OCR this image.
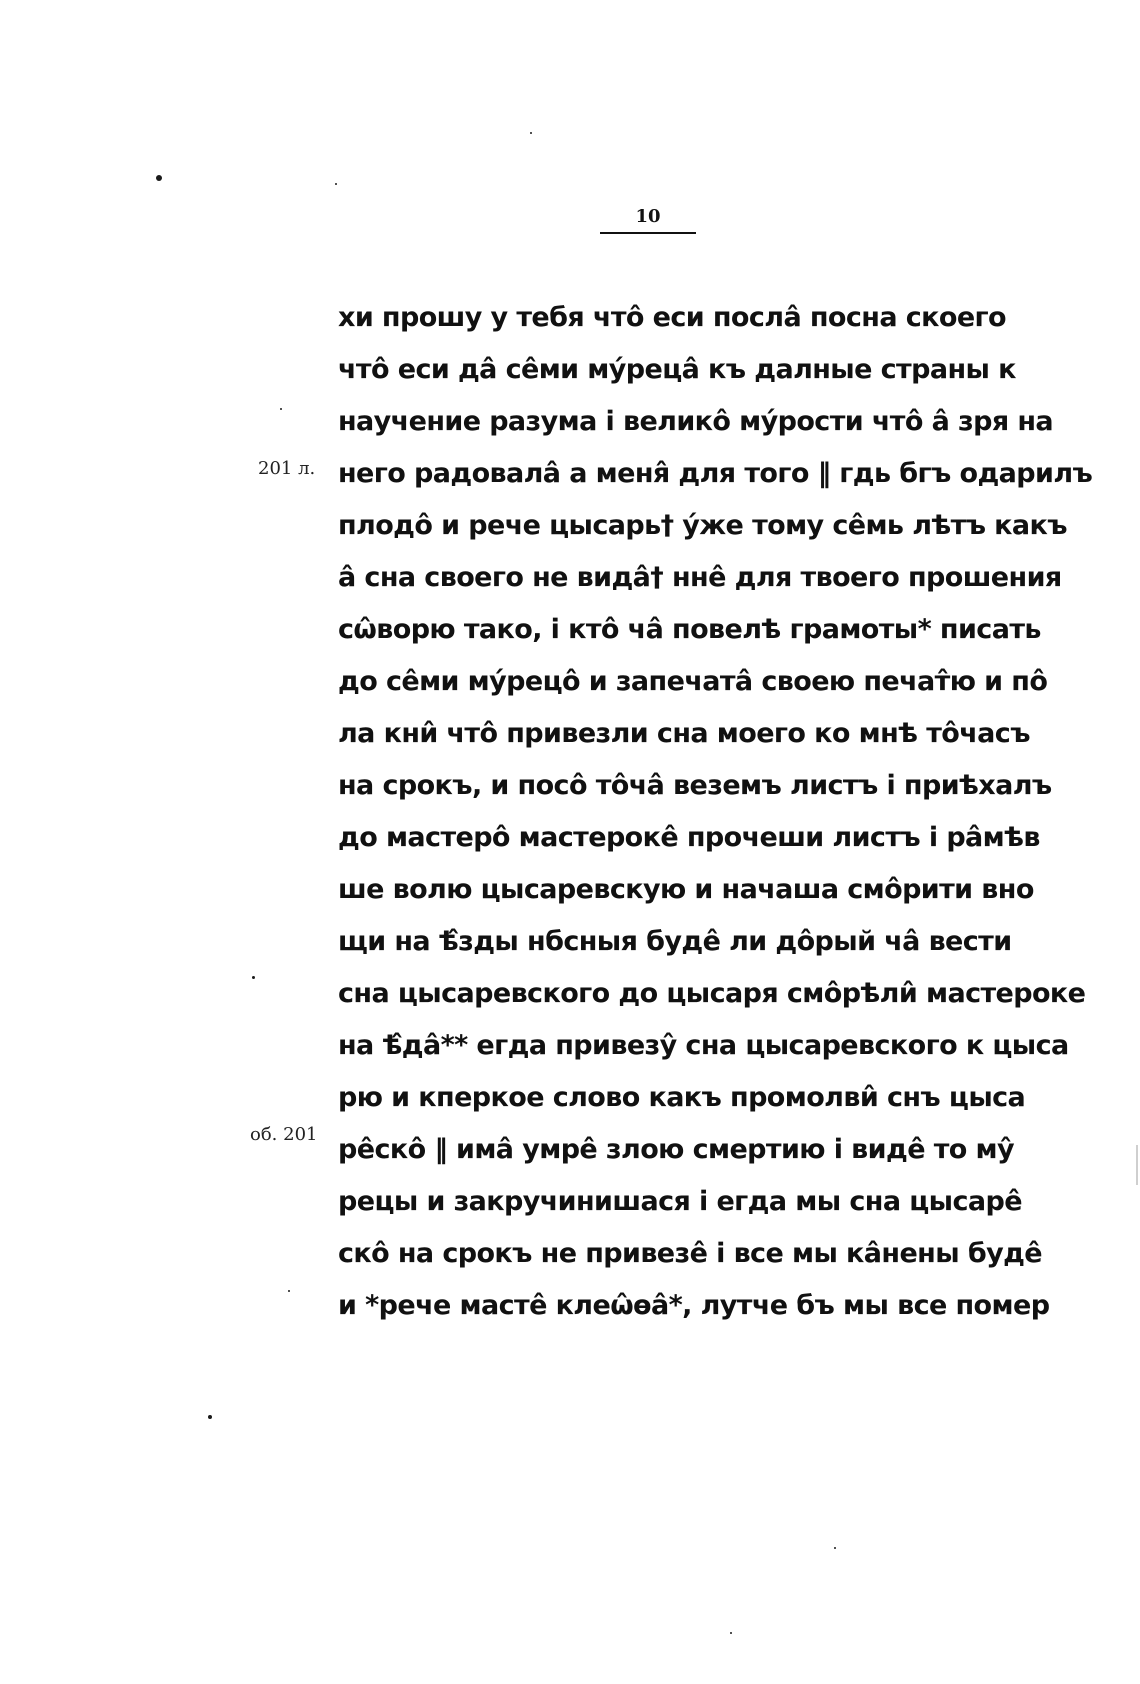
10
201 л.
об. 201
хи прошу у тебя что̂ еси посла̂ посна скоего
что̂ еси да̂ се̂ми му́реца̂ къ далные страны к
научение разума і велико̂ му́рости что̂ а̂ зря на
него радовала̂ а меня̂ для того ‖ гдь бгъ одарилъ
плодо̂ и рече цысарь† у́же тому се̂мь лѣтъ какъ
а̂ сна своего не вида̂† нне̂ для твоего прошения
сѡ̂ворю тако, і кто̂ ча̂ повелѣ грамоты* писать
до се̂ми му́рецо̂ и запечата̂ своею печат̂ю и по̂
ла кни̂ что̂ привезли сна моего ко мнѣ то̂часъ
на срокъ, и посо̂ то̂ча̂ веземъ листъ і приѣхалъ
до мастеро̂ мастероке̂ прочеши листъ і ра̂мѣв
ше волю цысаревскую и начаша смо̂рити вно
щи на ѣ̂зды нбсныя буде̂ ли до̂рый ча̂ вести
сна цысаревского до цысаря смо̂рѣли̂ мастероке
на ѣ̂да̂** егда привезу̂ сна цысаревского к цыса
рю и кперкое слово какъ промолви̂ снъ цыса
ре̂ско̂ ‖ има̂ умре̂ злою смертию і виде̂ то му̂
рецы и закручинишася і егда мы сна цысаре̂
ско̂ на срокъ не привезе̂ і все мы ка̂нены буде̂
и *рече масте̂ клеѡ̂ѳа̂*, лутче бъ мы все помер
